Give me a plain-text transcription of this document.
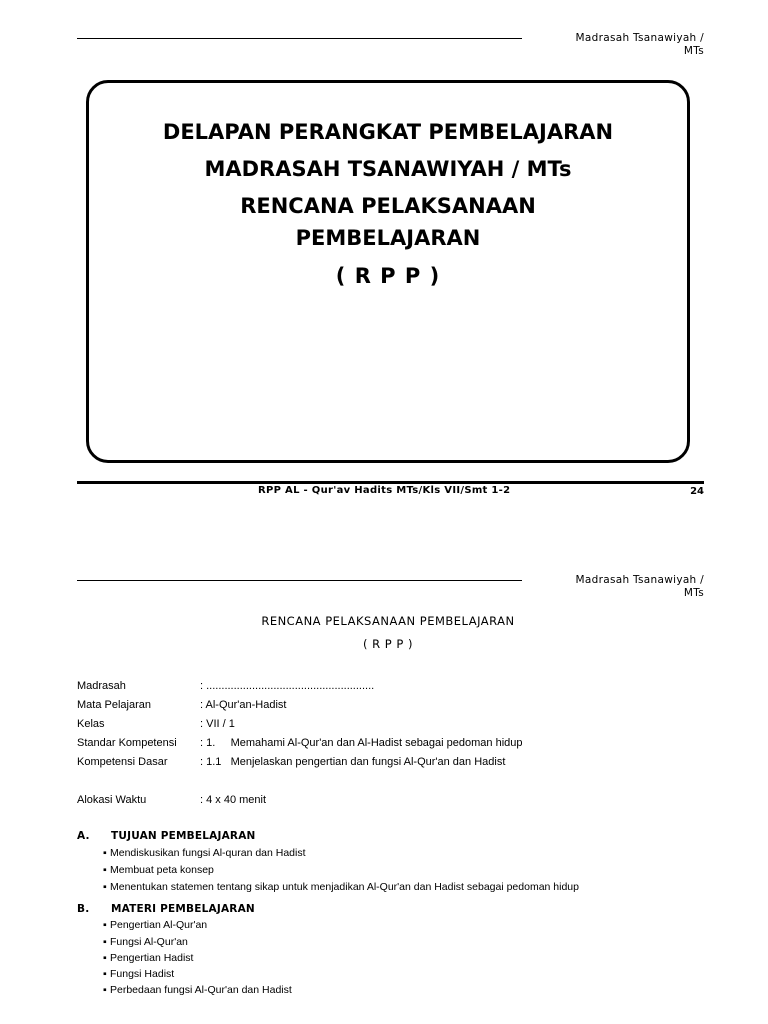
Madrasah Tsanawiyah /
MTs
DELAPAN PERANGKAT PEMBELAJARAN
MADRASAH TSANAWIYAH / MTs
RENCANA PELAKSANAAN
PEMBELAJARAN
( R P P )
RPP AL - Qur'av Hadits MTs/Kls VII/Smt 1-2	24
Madrasah Tsanawiyah /
MTs
RENCANA PELAKSANAAN PEMBELAJARAN
( R P P )
Madrasah	: .......................................................
Mata Pelajaran	: Al-Qur'an-Hadist
Kelas	: VII / 1
Standar Kompetensi : 1.     Memahami Al-Qur'an dan Al-Hadist sebagai pedoman hidup
Kompetensi Dasar	: 1.1   Menjelaskan pengertian dan fungsi Al-Qur'an dan Hadist
Alokasi Waktu	: 4 x 40 menit
A. TUJUAN PEMBELAJARAN
▪ Mendiskusikan fungsi Al-quran dan Hadist
▪ Membuat peta konsep
▪ Menentukan statemen tentang sikap untuk menjadikan Al-Qur'an dan Hadist sebagai pedoman hidup
B. MATERI PEMBELAJARAN
▪ Pengertian Al-Qur'an
▪ Fungsi Al-Qur'an
▪ Pengertian Hadist
▪ Fungsi Hadist
▪ Perbedaan fungsi Al-Qur'an dan Hadist
